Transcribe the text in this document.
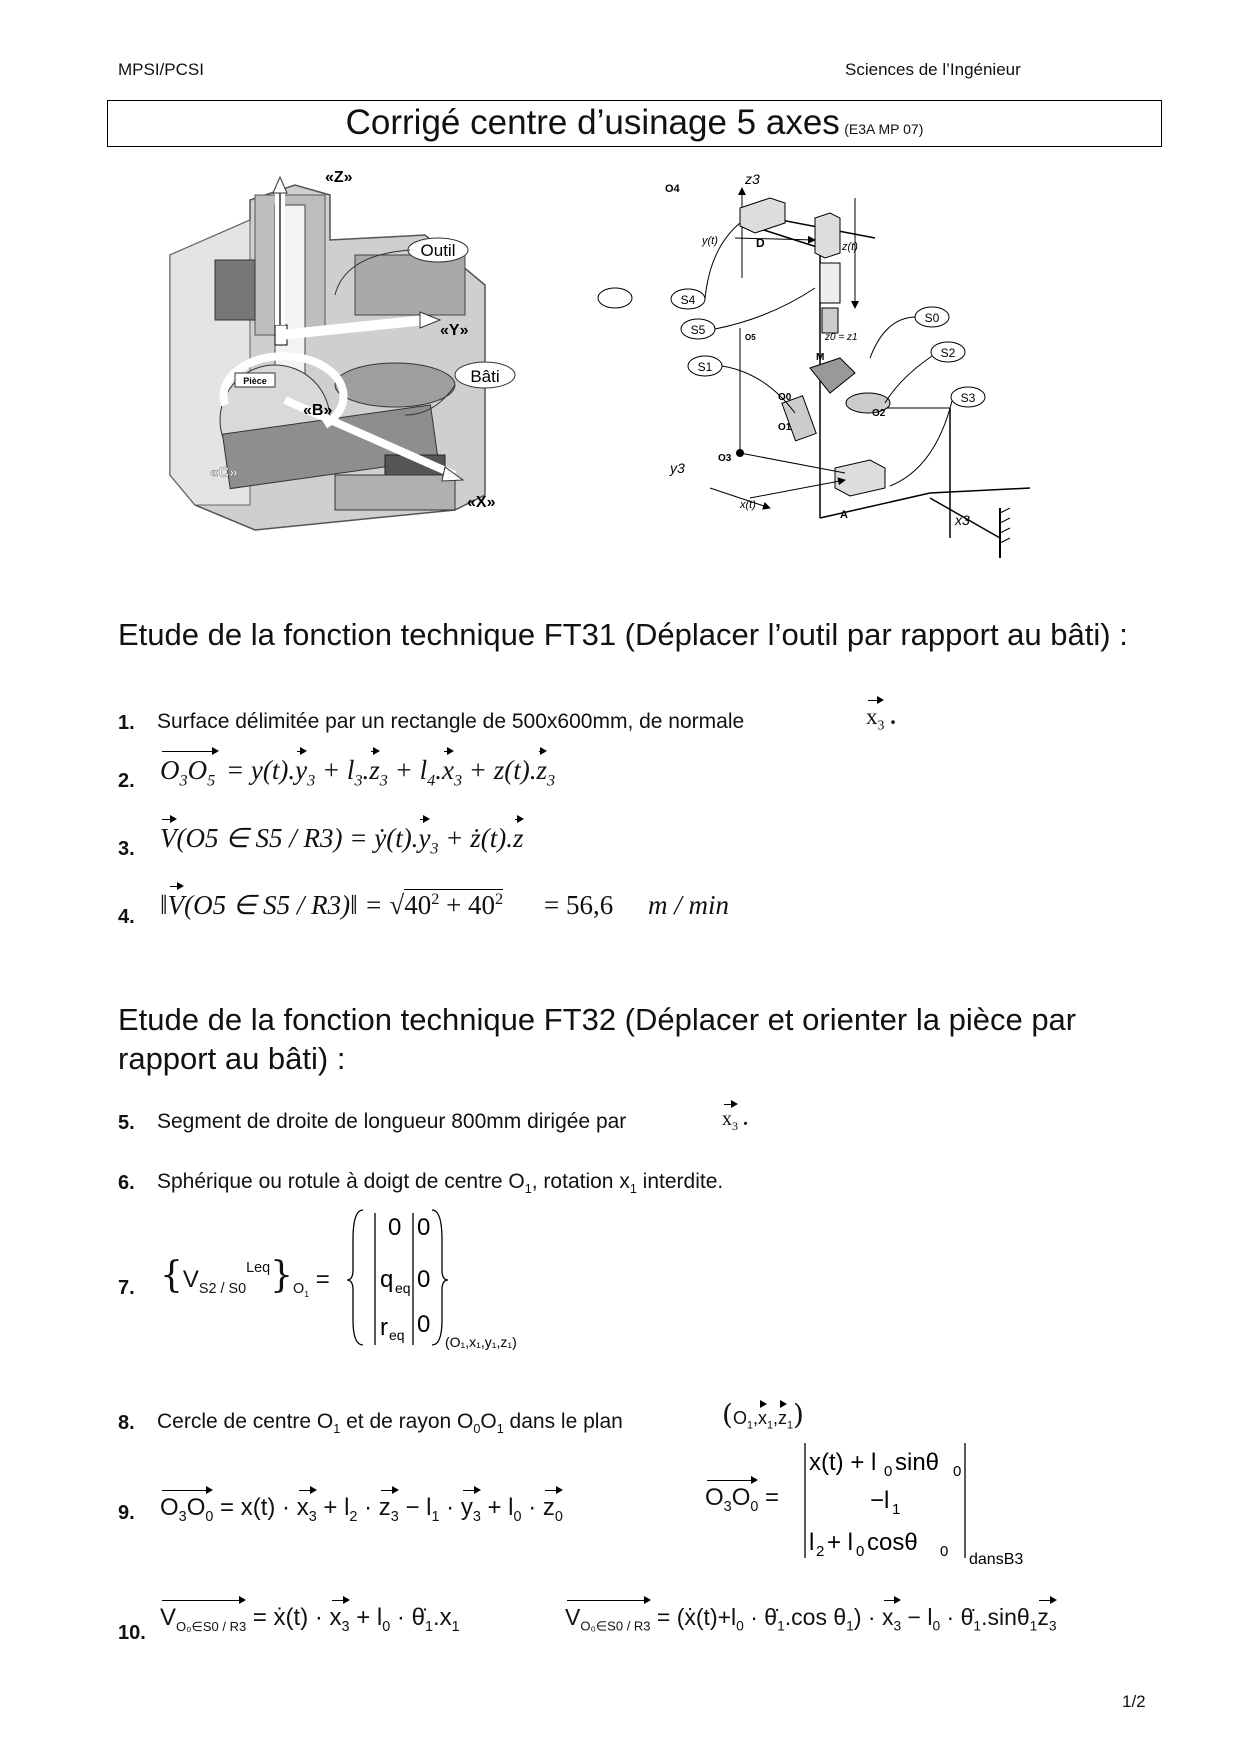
MPSI/PCSI	Sciences de l’Ingénieur
Corrigé centre d’usinage 5 axes (E3A MP 07)
«Z»
Outil
«Y»
Pièce
«B»
Bâti
«C»
«X»
z3
O4
y(t)	z(t)
D
S4
S5
S0
z0 = z1
S2
M
S1
S3
O0
O1
O2
O5
y3
O3
x(t)
A	x3
Etude de la fonction technique FT31 (Déplacer l’outil par rapport au bâti) :
1. Surface délimitée par un rectangle de 500x600mm, de normale	$x_3$ .
2. $O_3O_5 = y(t).y_3 + l_3.z_3 + l_4.x_3 + z(t).z_3$
3. V(O5 ∈ $S5 / R3) = ẏ(t).y_3$ + ż(t).z
4. ‖V(O5 ∈ S5 / R3)‖ = $√40^2 + 40^2 = 56,6$ m / min
Etude de la fonction technique FT32 (Déplacer et orienter la pièce par rapport au bâti) :
5. Segment de droite de longueur 800mm dirigée par	$x_3$ .
6. Sphérique ou rotule à doigt de centre $O_1$, rotation $x_1$ interdite.
7. $\{V_{S2 / S0}^{Leq}\}_{O_1}$ =
0 0
q eq 0
r eq 0
(O₁,x₁,y₁,z₁)
8. Cercle de centre $O_1$ et de rayon $O_0O_1$ dans le plan	$(O_1,x_1,z_1)$
9. $O_3O_0 = x(t) \cdot x_3 + l_2 \cdot z_3 - l_1 \cdot y_3 + l_0 \cdot z_0$
$O_3O_0$ =
x(t) + l 0 sinθ 0
−l 1
l 2 + l 0 cosθ 0 dansB3
10.
$V_{O_0\in S0 / R3}$ = ẋ(t) · $x_3 + l_0$ · $\thetȧ_1.x_1$	$V_{O_0\in S0 / R3}$ = ($ẋ(t)+l_0$ · $\thetȧ_1.\cos$ $\theta_1) \cdot x_3 - l_0$ · $\thetȧ_1.\sin\theta_1z_3$
1/2
